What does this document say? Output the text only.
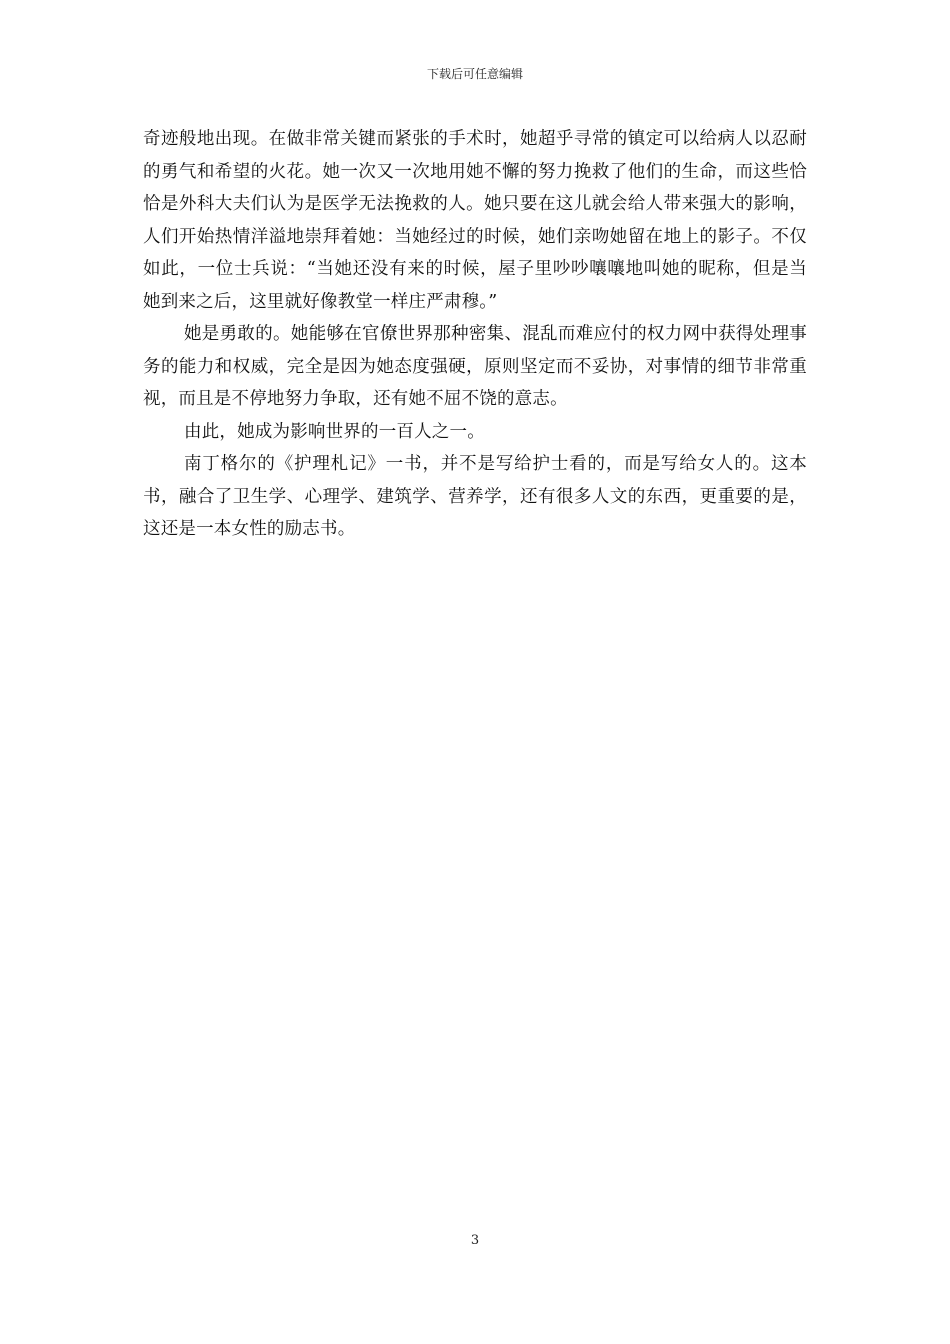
下载后可任意编辑

奇迹般地出现。在做非常关键而紧张的手术时，她超乎寻常的镇定可以给病人以忍耐的勇气和希望的火花。她一次又一次地用她不懈的努力挽救了他们的生命，而这些恰恰是外科大夫们认为是医学无法挽救的人。她只要在这儿就会给人带来强大的影响，人们开始热情洋溢地崇拜着她：当她经过的时候，她们亲吻她留在地上的影子。不仅如此，一位士兵说：“当她还没有来的时候，屋子里吵吵嚷嚷地叫她的昵称，但是当她到来之后，这里就好像教堂一样庄严肃穆。”

她是勇敢的。她能够在官僚世界那种密集、混乱而难应付的权力网中获得处理事务的能力和权威，完全是因为她态度强硬，原则坚定而不妥协，对事情的细节非常重视，而且是不停地努力争取，还有她不屈不饶的意志。

由此，她成为影响世界的一百人之一。

南丁格尔的《护理札记》一书，并不是写给护士看的，而是写给女人的。这本书，融合了卫生学、心理学、建筑学、营养学，还有很多人文的东西，更重要的是，这还是一本女性的励志书。

3
